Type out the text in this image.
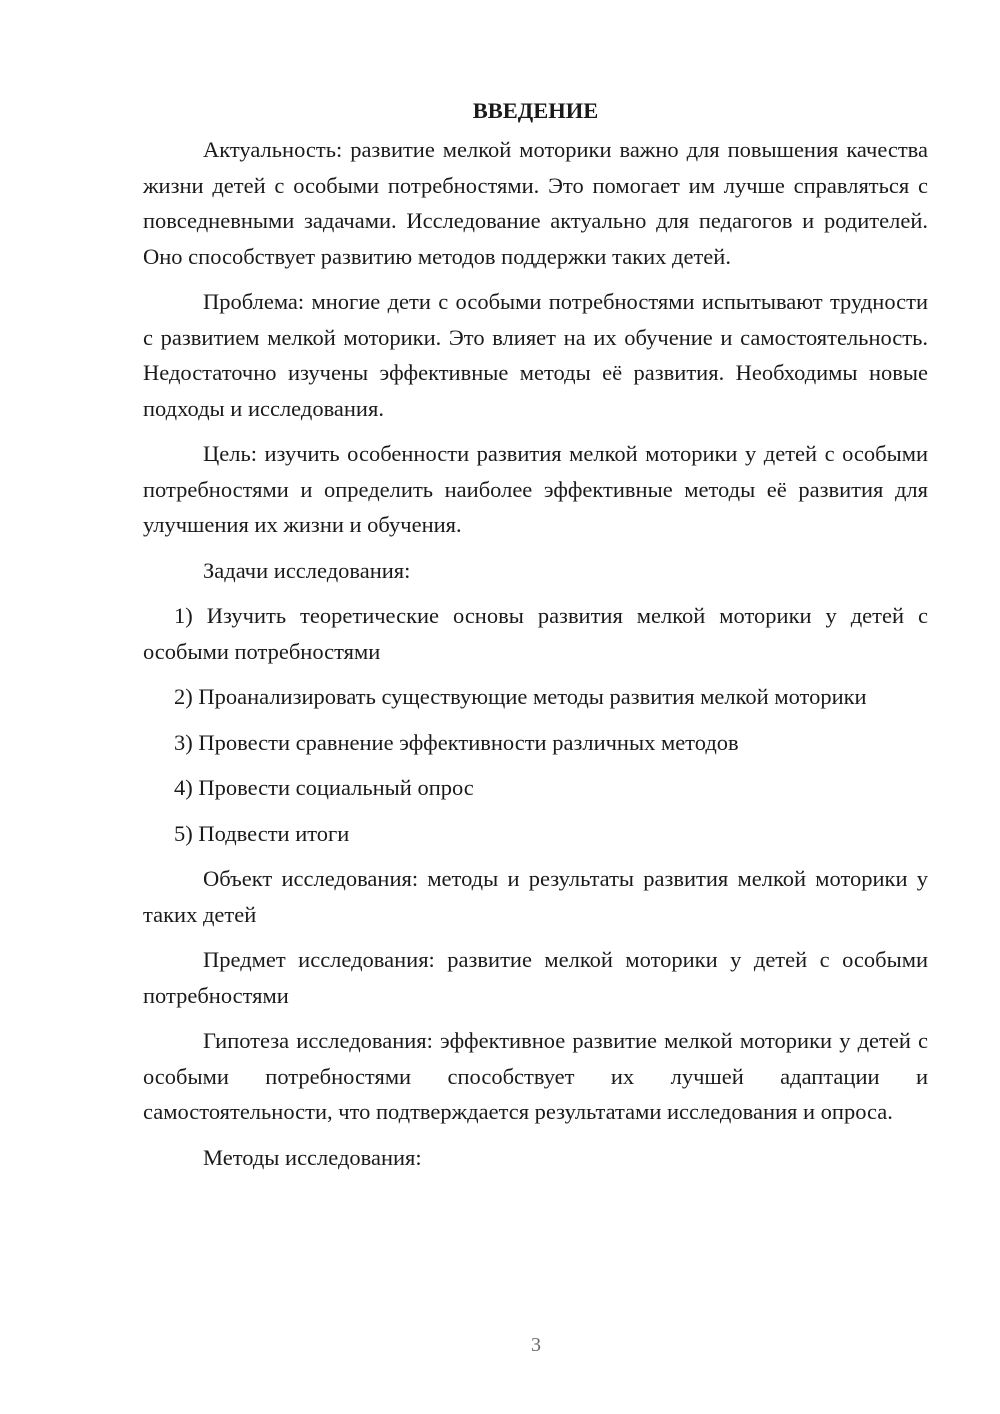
ВВЕДЕНИЕ

Актуальность: развитие мелкой моторики важно для повышения качества жизни детей с особыми потребностями. Это помогает им лучше справляться с повседневными задачами. Исследование актуально для педагогов и родителей. Оно способствует развитию методов поддержки таких детей.

Проблема: многие дети с особыми потребностями испытывают трудности с развитием мелкой моторики. Это влияет на их обучение и самостоятельность. Недостаточно изучены эффективные методы её развития. Необходимы новые подходы и исследования.

Цель: изучить особенности развития мелкой моторики у детей с особыми потребностями и определить наиболее эффективные методы её развития для улучшения их жизни и обучения.

Задачи исследования:

1) Изучить теоретические основы развития мелкой моторики у детей с особыми потребностями

2) Проанализировать существующие методы развития мелкой моторики

3) Провести сравнение эффективности различных методов

4) Провести социальный опрос

5) Подвести итоги

Объект исследования: методы и результаты развития мелкой моторики у таких детей

Предмет исследования: развитие мелкой моторики у детей с особыми потребностями

Гипотеза исследования: эффективное развитие мелкой моторики у детей с особыми потребностями способствует их лучшей адаптации и самостоятельности, что подтверждается результатами исследования и опроса.

Методы исследования:

3
